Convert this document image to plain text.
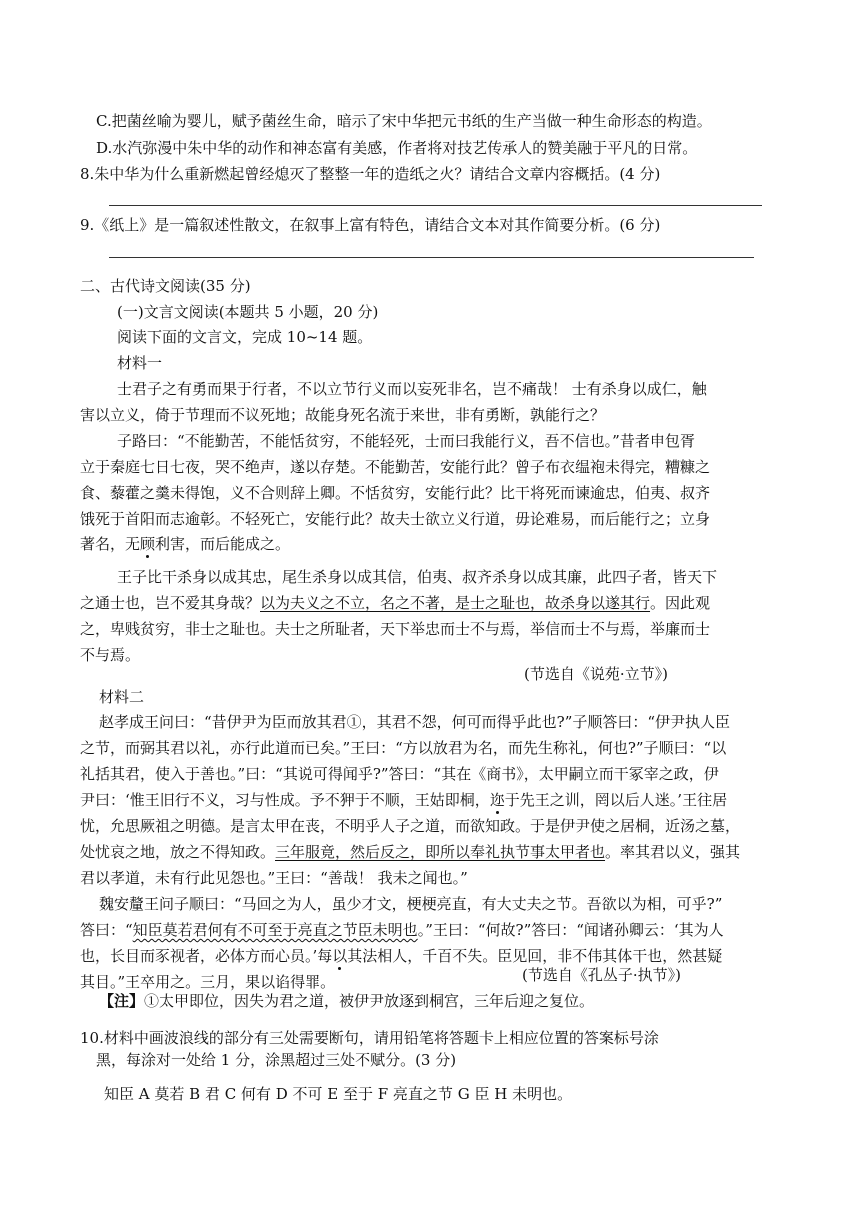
C.把菌丝喻为婴儿，赋予菌丝生命，暗示了宋中华把元书纸的生产当做一种生命形态的构造。
D.水汽弥漫中朱中华的动作和神态富有美感，作者将对技艺传承人的赞美融于平凡的日常。
8.朱中华为什么重新燃起曾经熄灭了整整一年的造纸之火？请结合文章内容概括。(4 分)
9.《纸上》是一篇叙述性散文，在叙事上富有特色，请结合文本对其作简要分析。(6 分)
二、古代诗文阅读(35 分)
(一)文言文阅读(本题共 5 小题，20 分)
阅读下面的文言文，完成 10~14 题。
材料一
士君子之有勇而果于行者，不以立节行义而以妄死非名，岂不痛哉！ 士有杀身以成仁，触
害以立义，倚于节理而不议死地；故能身死名流于来世，非有勇断，孰能行之？
子路曰：“不能勤苦，不能恬贫穷，不能轻死，士而曰我能行义，吾不信也。”昔者申包胥
立于秦庭七日七夜，哭不绝声，遂以存楚。不能勤苦，安能行此？曾子布衣缊袍未得完，糟糠之
食、藜藿之羹未得饱，义不合则辞上卿。不恬贫穷，安能行此？比干将死而谏逾忠，伯夷、叔齐
饿死于首阳而志逾彰。不轻死亡，安能行此？故夫士欲立义行道，毋论难易，而后能行之；立身
著名，无顾利害，而后能成之。
王子比干杀身以成其忠，尾生杀身以成其信，伯夷、叔齐杀身以成其廉，此四子者，皆天下
之通士也，岂不爱其身哉？以为夫义之不立，名之不著，是士之耻也，故杀身以遂其行。因此观
之，卑贱贫穷，非士之耻也。夫士之所耻者，天下举忠而士不与焉，举信而士不与焉，举廉而士
不与焉。
(节选自《说苑·立节》)
材料二
赵孝成王问曰：“昔伊尹为臣而放其君①，其君不怨，何可而得乎此也?”子顺答曰：“伊尹执人臣
之节，而弼其君以礼，亦行此道而已矣。”王曰：“方以放君为名，而先生称礼，何也?”子顺曰：“以
礼括其君，使入于善也。”曰：“其说可得闻乎?”答曰：“其在《商书》，太甲嗣立而干冢宰之政，伊
尹曰：‘惟王旧行不义，习与性成。予不狎于不顺，王姑即桐，迩于先王之训，罔以后人迷。’王往居
忧，允思厥祖之明德。是言太甲在丧，不明乎人子之道，而欲知政。于是伊尹使之居桐，近汤之墓，
处忧哀之地，放之不得知政。三年服竟，然后反之，即所以奉礼执节事太甲者也。率其君以义，强其
君以孝道，未有行此见怨也。”王曰：“善哉！ 我未之闻也。”
魏安釐王问子顺曰：“马回之为人，虽少才文，梗梗亮直，有大丈夫之节。吾欲以为相，可乎?”
答曰：“知臣莫若君何有不可至于亮直之节臣未明也。”王曰：“何故?”答曰：“闻诸孙卿云：‘其为人
也，长目而豕视者，必体方而心员。’每以其法相人，千百不失。臣见回，非不伟其体干也，然甚疑
其目。”王卒用之。三月，果以谄得罪。	(节选自《孔丛子·执节》)
【注】①太甲即位，因失为君之道，被伊尹放逐到桐宫，三年后迎之复位。
10.材料中画波浪线的部分有三处需要断句，请用铅笔将答题卡上相应位置的答案标号涂
黑，每涂对一处给 1 分，涂黑超过三处不赋分。(3 分)
知臣 A 莫若 B 君 C 何有 D 不可 E 至于 F 亮直之节 G 臣 H 未明也。
